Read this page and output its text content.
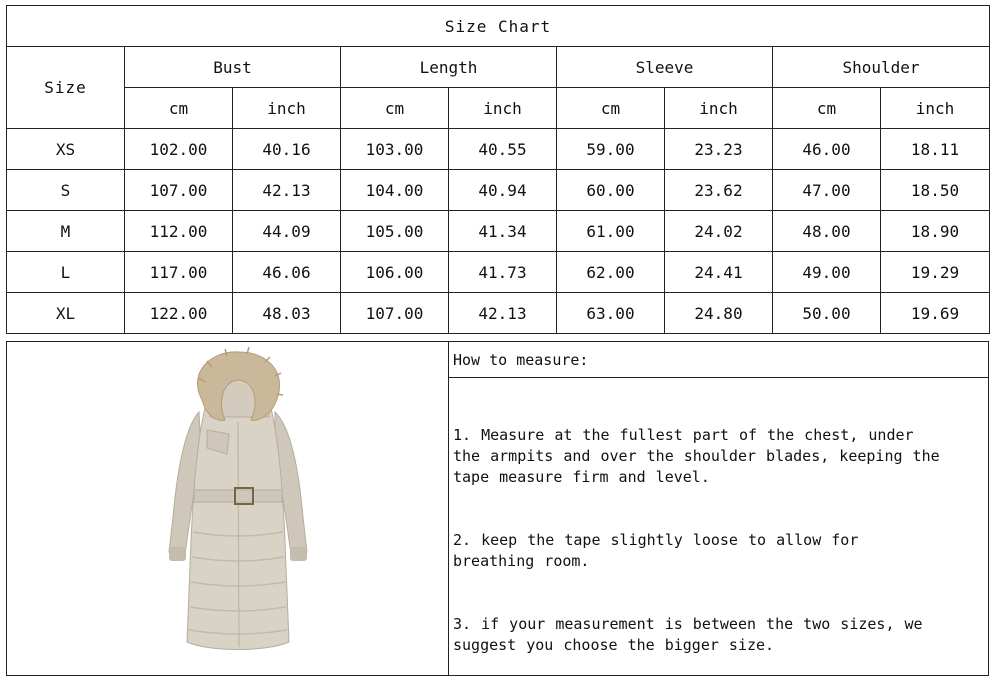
Size Chart								
Size	Bust		Length		Sleeve		Shoulder	
	cm	inch	cm	inch	cm	inch	cm	inch
XS	102.00	40.16	103.00	40.55	59.00	23.23	46.00	18.11
S	107.00	42.13	104.00	40.94	60.00	23.62	47.00	18.50
M	112.00	44.09	105.00	41.34	61.00	24.02	48.00	18.90
L	117.00	46.06	106.00	41.73	62.00	24.41	49.00	19.29
XL	122.00	48.03	107.00	42.13	63.00	24.80	50.00	19.69
How to measure:

1. Measure at the fullest part of the chest, under
the armpits and over the shoulder blades, keeping the
tape measure firm and level.

2. keep the tape slightly loose to allow for
breathing room.

3. if your measurement is between the two sizes, we
suggest you choose the bigger size.
